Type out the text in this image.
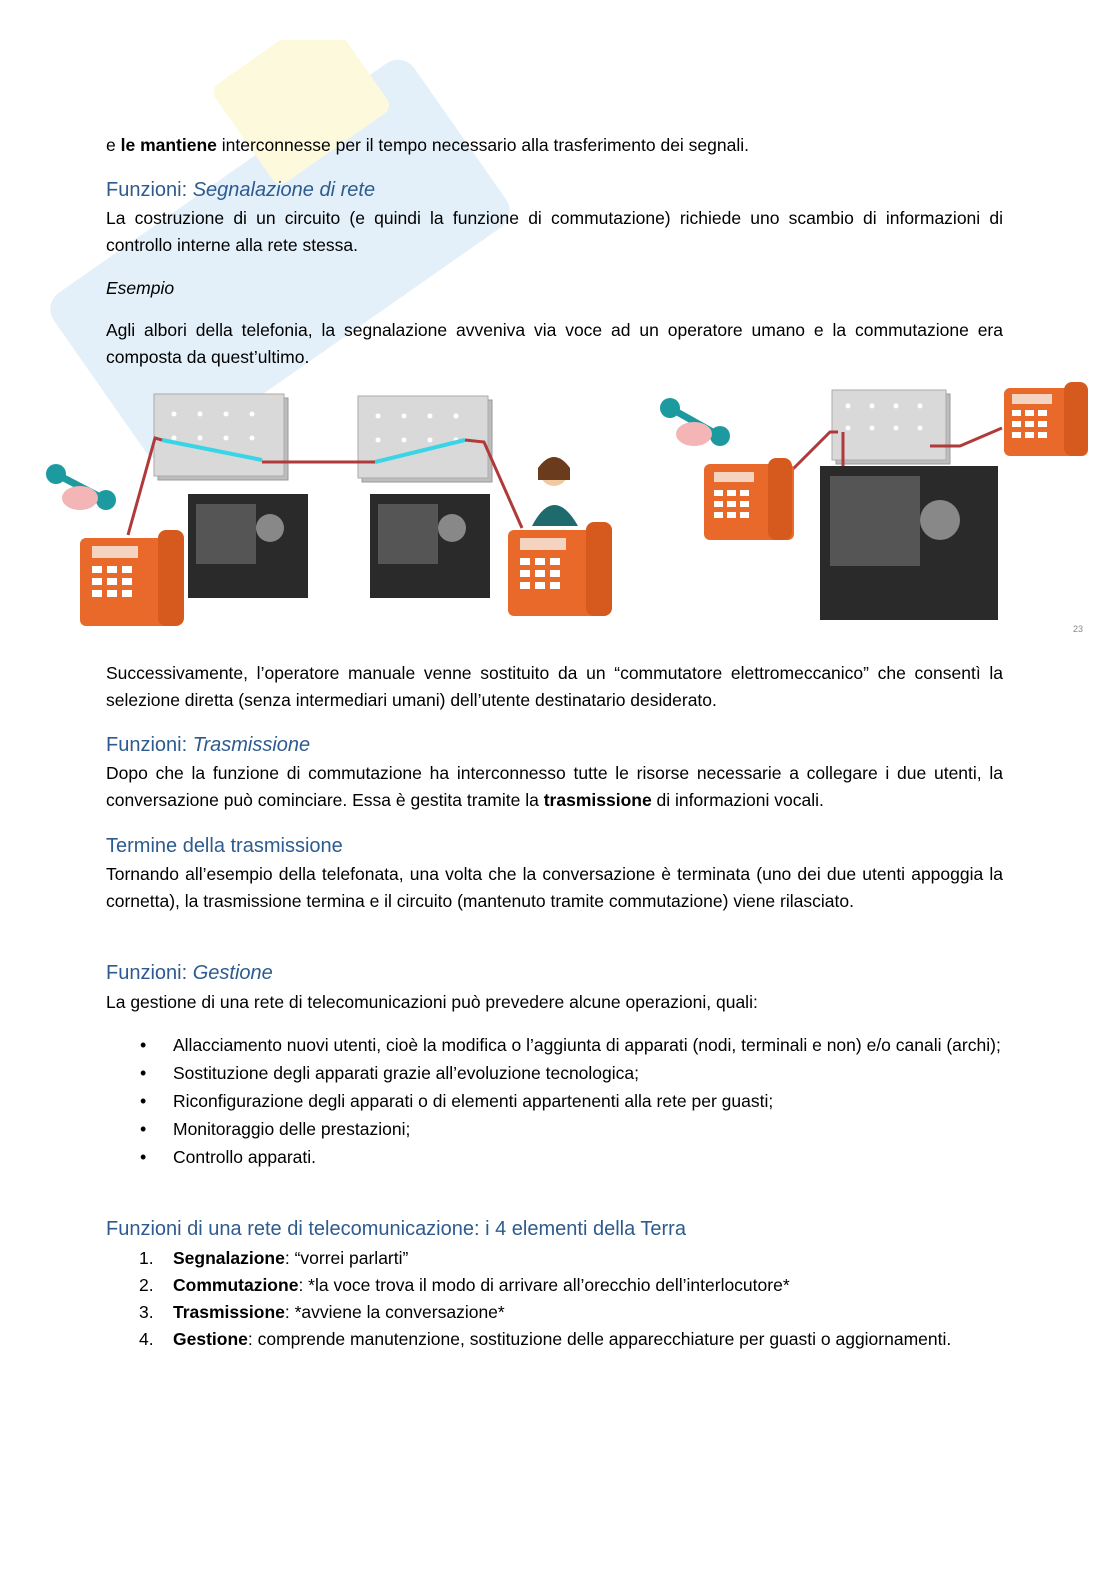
e le mantiene interconnesse per il tempo necessario alla trasferimento dei segnali.
Funzioni: Segnalazione di rete
La costruzione di un circuito (e quindi la funzione di commutazione) richiede uno scambio di informazioni di controllo interne alla rete stessa.
Esempio
Agli albori della telefonia, la segnalazione avveniva via voce ad un operatore umano e la commutazione era composta da quest’ultimo.
23
Successivamente, l’operatore manuale venne sostituito da un “commutatore elettromeccanico” che consentì la selezione diretta (senza intermediari umani) dell’utente destinatario desiderato.
Funzioni: Trasmissione
Dopo che la funzione di commutazione ha interconnesso tutte le risorse necessarie a collegare i due utenti, la conversazione può cominciare. Essa è gestita tramite la trasmissione di informazioni vocali.
Termine della trasmissione
Tornando all’esempio della telefonata, una volta che la conversazione è terminata (uno dei due utenti appoggia la cornetta), la trasmissione termina e il circuito (mantenuto tramite commutazione) viene rilasciato.
Funzioni: Gestione
La gestione di una rete di telecomunicazioni può prevedere alcune operazioni, quali:
• Allacciamento nuovi utenti, cioè la modifica o l’aggiunta di apparati (nodi, terminali e non) e/o canali (archi);
• Sostituzione degli apparati grazie all’evoluzione tecnologica;
• Riconfigurazione degli apparati o di elementi appartenenti alla rete per guasti;
• Monitoraggio delle prestazioni;
• Controllo apparati.
Funzioni di una rete di telecomunicazione: i 4 elementi della Terra
1. Segnalazione: “vorrei parlarti”
2. Commutazione: *la voce trova il modo di arrivare all’orecchio dell’interlocutore*
3. Trasmissione: *avviene la conversazione*
4. Gestione: comprende manutenzione, sostituzione delle apparecchiature per guasti o aggiornamenti.
